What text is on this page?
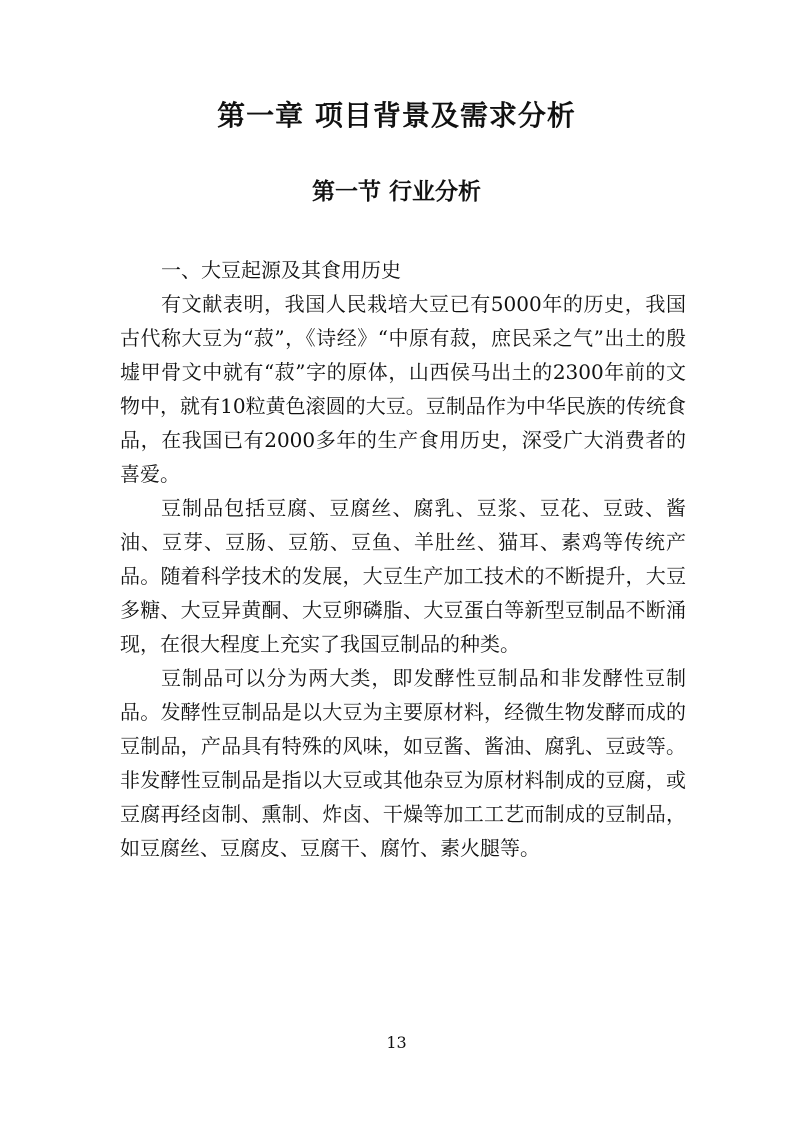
第一章 项目背景及需求分析
第一节 行业分析

一、大豆起源及其食用历史

有文献表明，我国人民栽培大豆已有5000年的历史，我国古代称大豆为“菽”，《诗经》“中原有菽，庶民采之气”出土的殷墟甲骨文中就有“菽”字的原体，山西侯马出土的2300年前的文物中，就有10粒黄色滚圆的大豆。豆制品作为中华民族的传统食品，在我国已有2000多年的生产食用历史，深受广大消费者的喜爱。

豆制品包括豆腐、豆腐丝、腐乳、豆浆、豆花、豆豉、酱油、豆芽、豆肠、豆筋、豆鱼、羊肚丝、猫耳、素鸡等传统产品。随着科学技术的发展，大豆生产加工技术的不断提升，大豆多糖、大豆异黄酮、大豆卵磷脂、大豆蛋白等新型豆制品不断涌现，在很大程度上充实了我国豆制品的种类。

豆制品可以分为两大类，即发酵性豆制品和非发酵性豆制品。发酵性豆制品是以大豆为主要原材料，经微生物发酵而成的豆制品，产品具有特殊的风味，如豆酱、酱油、腐乳、豆豉等。非发酵性豆制品是指以大豆或其他杂豆为原材料制成的豆腐，或豆腐再经卤制、熏制、炸卤、干燥等加工工艺而制成的豆制品，如豆腐丝、豆腐皮、豆腐干、腐竹、素火腿等。

13
